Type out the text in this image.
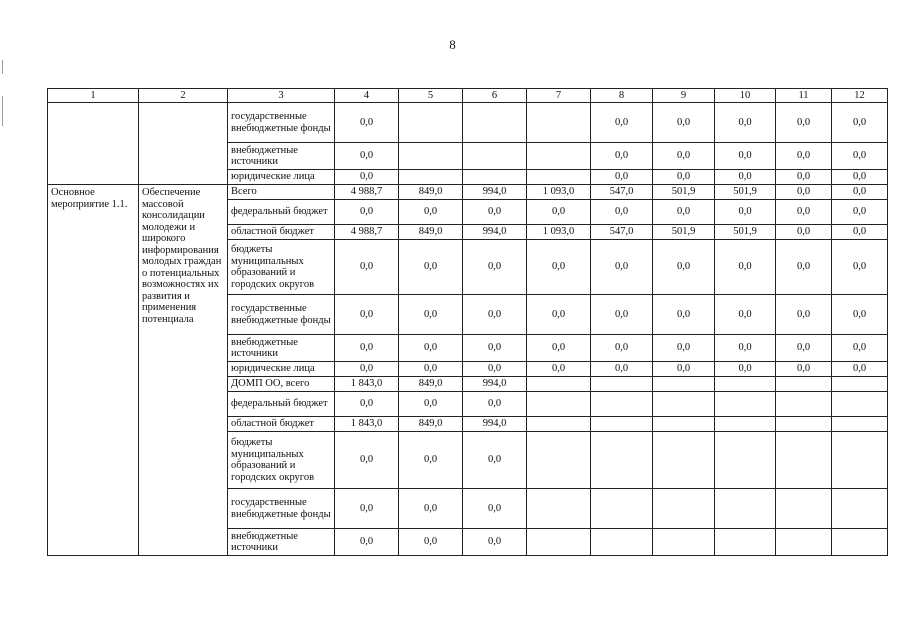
8
1	2	3	4	5	6	7	8	9	10	11	12
		государственные внебюджетные фонды	0,0				0,0	0,0	0,0	0,0	0,0
		внебюджетные источники	0,0				0,0	0,0	0,0	0,0	0,0
		юридические лица	0,0				0,0	0,0	0,0	0,0	0,0
Основное мероприятие 1.1.	Обеспечение массовой консолидации молодежи и широкого информирования молодых граждан о потенциальных возможностях их развития и применения потенциала	Всего	4 988,7	849,0	994,0	1 093,0	547,0	501,9	501,9	0,0	0,0
		федеральный бюджет	0,0	0,0	0,0	0,0	0,0	0,0	0,0	0,0	0,0
		областной бюджет	4 988,7	849,0	994,0	1 093,0	547,0	501,9	501,9	0,0	0,0
		бюджеты муниципальных образований и городских округов	0,0	0,0	0,0	0,0	0,0	0,0	0,0	0,0	0,0
		государственные внебюджетные фонды	0,0	0,0	0,0	0,0	0,0	0,0	0,0	0,0	0,0
		внебюджетные источники	0,0	0,0	0,0	0,0	0,0	0,0	0,0	0,0	0,0
		юридические лица	0,0	0,0	0,0	0,0	0,0	0,0	0,0	0,0	0,0
		ДОМП ОО, всего	1 843,0	849,0	994,0						
		федеральный бюджет	0,0	0,0	0,0						
		областной бюджет	1 843,0	849,0	994,0						
		бюджеты муниципальных образований и городских округов	0,0	0,0	0,0						
		государственные внебюджетные фонды	0,0	0,0	0,0						
		внебюджетные источники	0,0	0,0	0,0						
